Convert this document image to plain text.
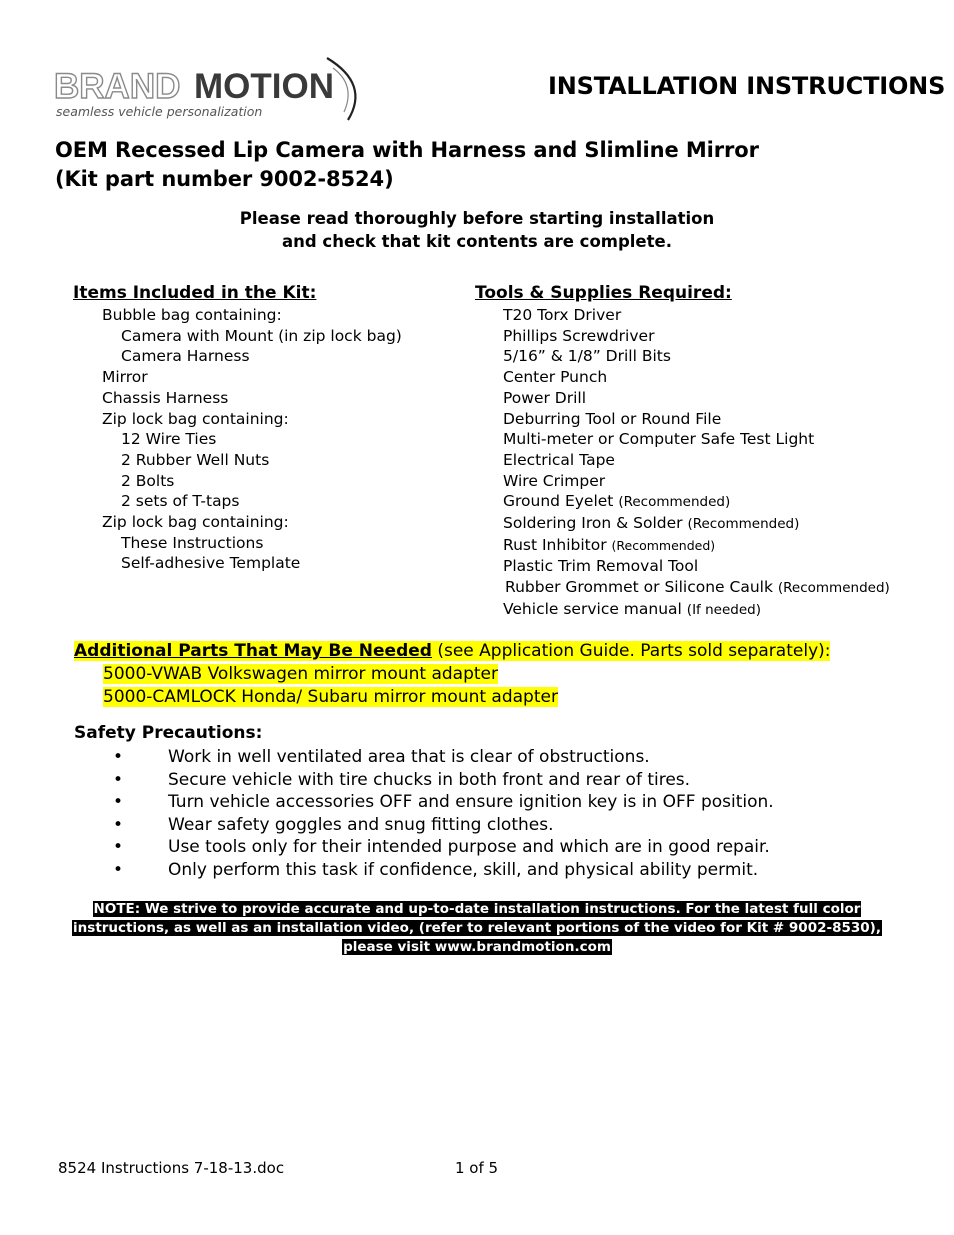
BRAND MOTION
seamless vehicle personalization
INSTALLATION INSTRUCTIONS
OEM Recessed Lip Camera with Harness and Slimline Mirror
(Kit part number 9002-8524)
Please read thoroughly before starting installation
and check that kit contents are complete.
Items Included in the Kit:
Bubble bag containing:
Camera with Mount (in zip lock bag)
Camera Harness
Mirror
Chassis Harness
Zip lock bag containing:
12 Wire Ties
2 Rubber Well Nuts
2 Bolts
2 sets of T-taps
Zip lock bag containing:
These Instructions
Self-adhesive Template
Tools & Supplies Required:
T20 Torx Driver
Phillips Screwdriver
5/16” & 1/8” Drill Bits
Center Punch
Power Drill
Deburring Tool or Round File
Multi-meter or Computer Safe Test Light
Electrical Tape
Wire Crimper
Ground Eyelet (Recommended)
Soldering Iron & Solder (Recommended)
Rust Inhibitor (Recommended)
Plastic Trim Removal Tool
Rubber Grommet or Silicone Caulk (Recommended)
Vehicle service manual (If needed)
Additional Parts That May Be Needed (see Application Guide. Parts sold separately):
5000-VWAB Volkswagen mirror mount adapter
5000-CAMLOCK Honda/ Subaru mirror mount adapter
Safety Precautions:
•	Work in well ventilated area that is clear of obstructions.
•	Secure vehicle with tire chucks in both front and rear of tires.
•	Turn vehicle accessories OFF and ensure ignition key is in OFF position.
•	Wear safety goggles and snug fitting clothes.
•	Use tools only for their intended purpose and which are in good repair.
•	Only perform this task if confidence, skill, and physical ability permit.
NOTE: We strive to provide accurate and up-to-date installation instructions. For the latest full color
instructions, as well as an installation video, (refer to relevant portions of the video for Kit # 9002-8530),
please visit www.brandmotion.com
8524 Instructions 7-18-13.doc	1 of 5
